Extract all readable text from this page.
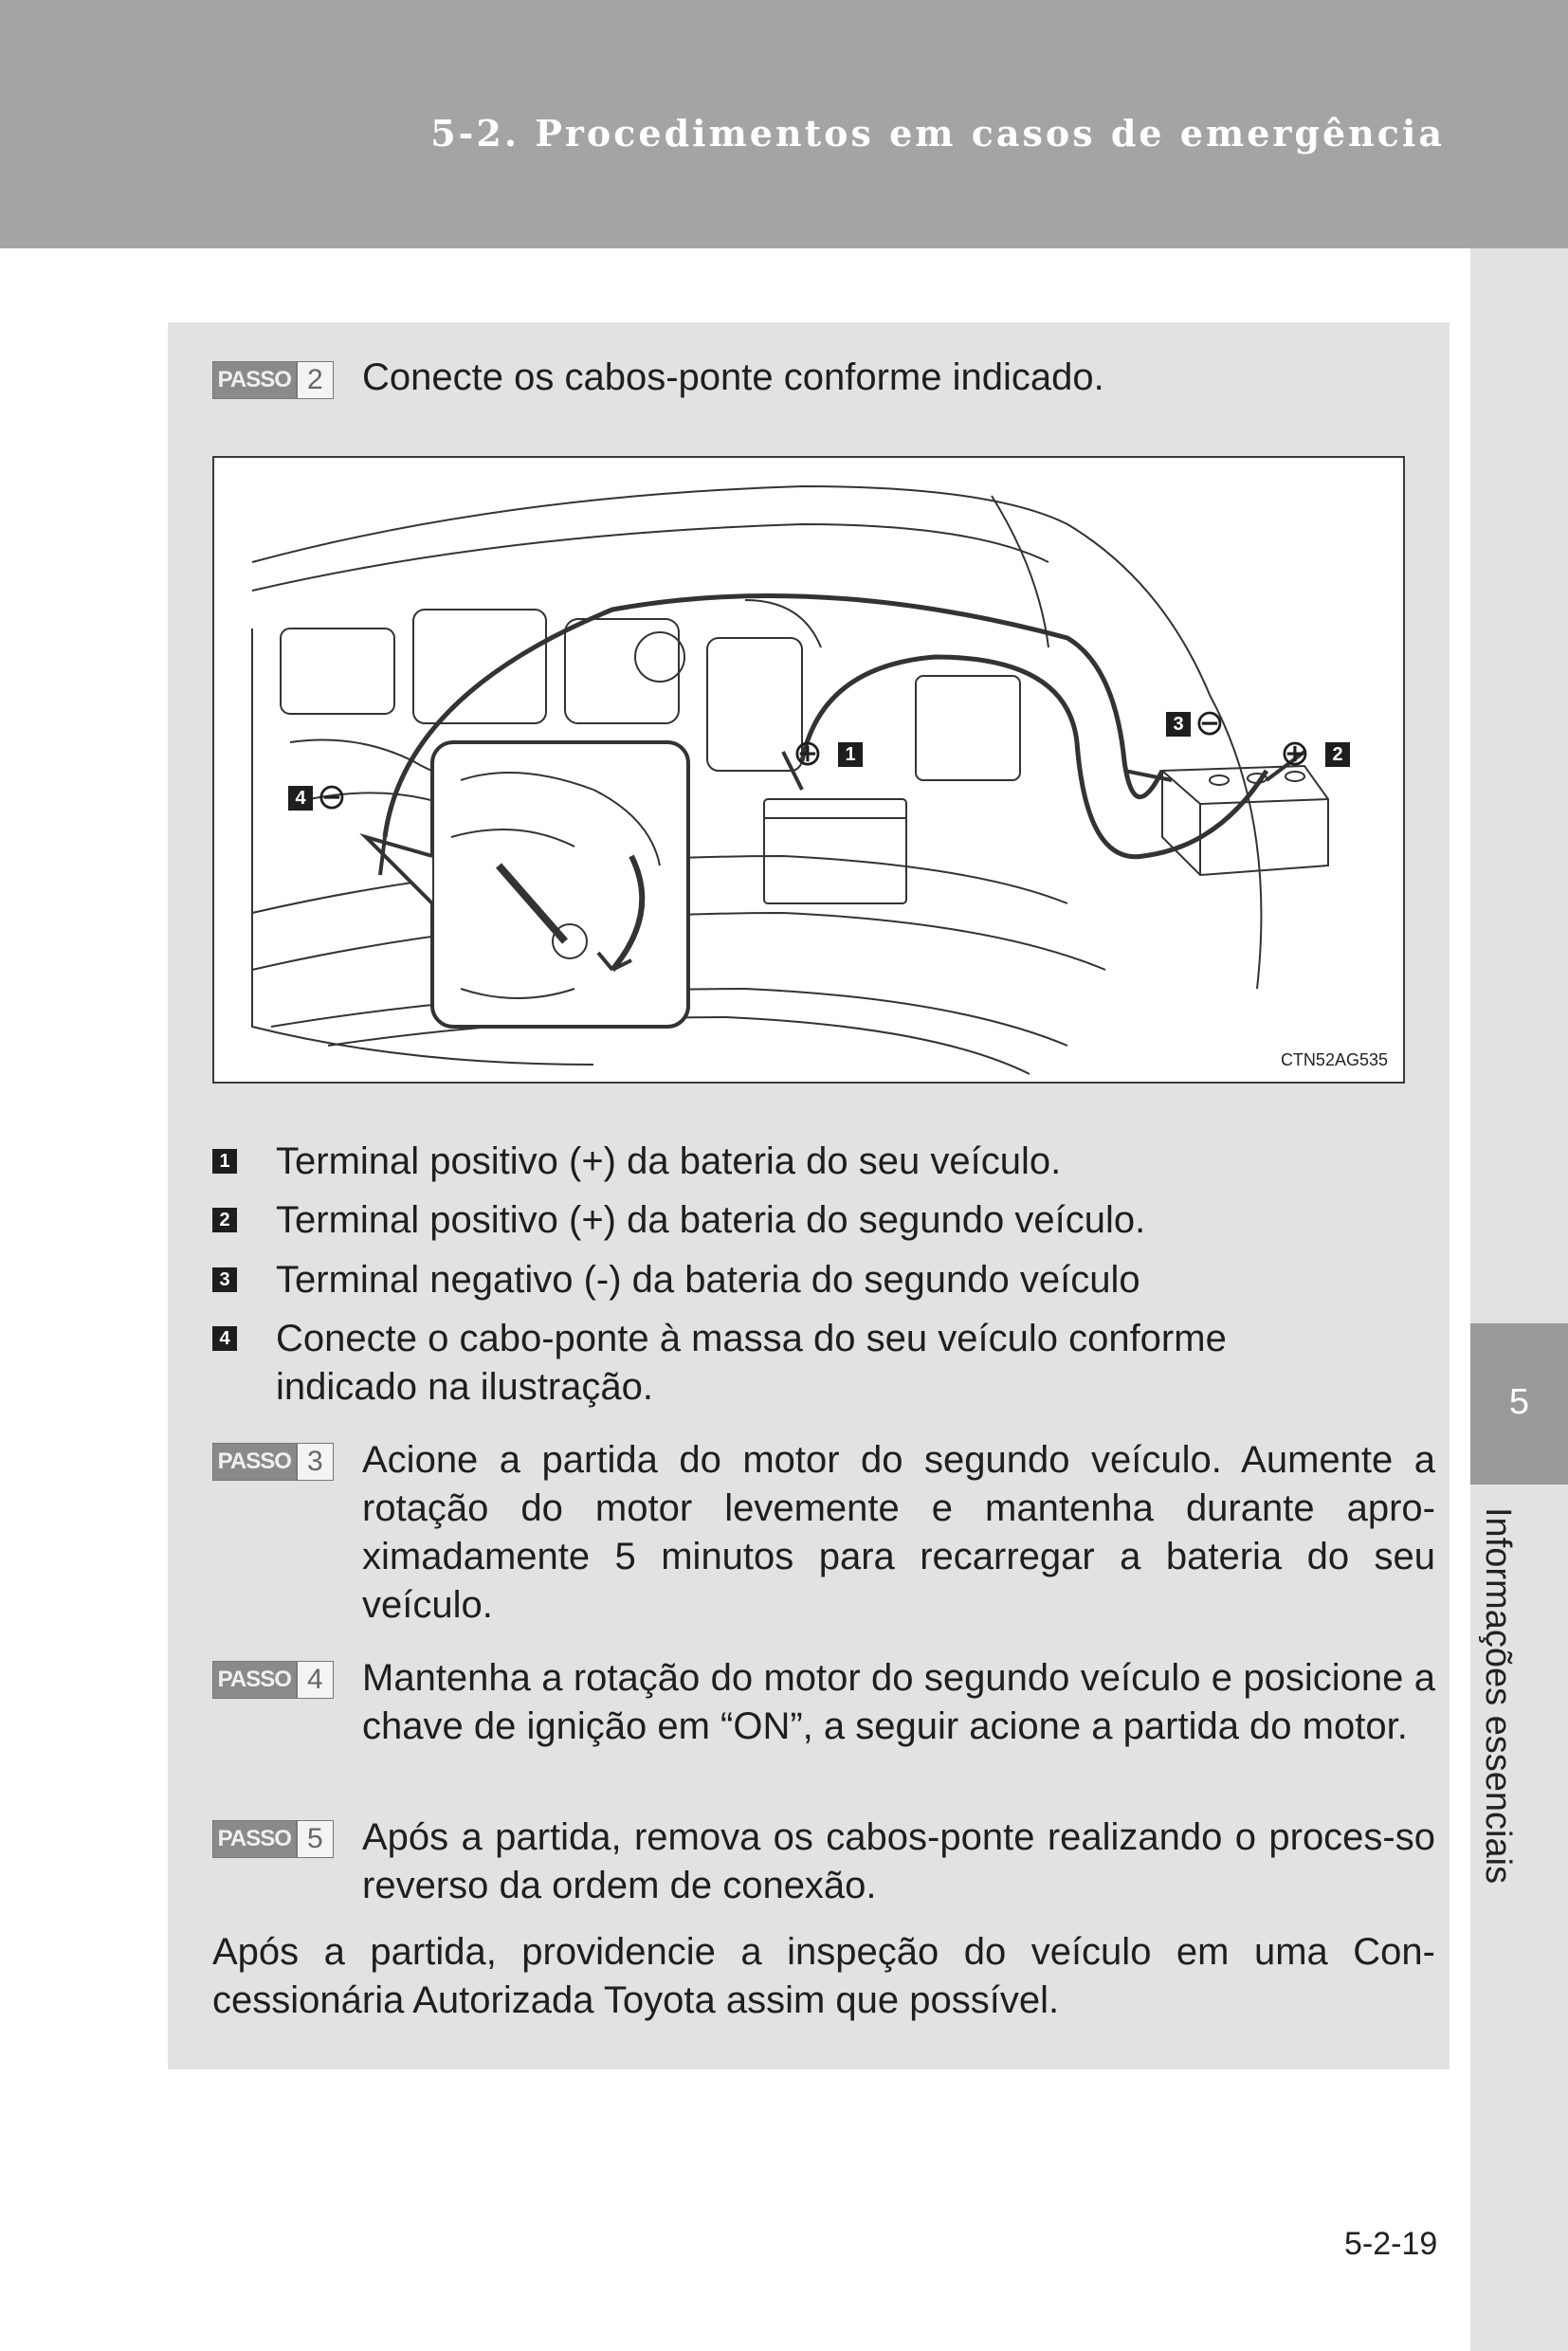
5-2. Procedimentos em casos de emergência
5
Informações essenciais
PASSO 2 Conecte os cabos-ponte conforme indicado.
⊕	1	⊕	2
3 ⊖
4 ⊖
CTN52AG535
1 Terminal positivo (+) da bateria do seu veículo.
2 Terminal positivo (+) da bateria do segundo veículo.
3 Terminal negativo (-) da bateria do segundo veículo
4 Conecte o cabo-ponte à massa do seu veículo conforme indicado na ilustração.
PASSO 3 Acione a partida do motor do segundo veículo. Aumente a rotação do motor levemente e mantenha durante apro-ximadamente 5 minutos para recarregar a bateria do seu veículo.
PASSO 4 Mantenha a rotação do motor do segundo veículo e posicione a chave de ignição em “ON”, a seguir acione a partida do motor.
PASSO 5 Após a partida, remova os cabos-ponte realizando o proces-so reverso da ordem de conexão.
Após a partida, providencie a inspeção do veículo em uma Con-cessionária Autorizada Toyota assim que possível.
5-2-19
